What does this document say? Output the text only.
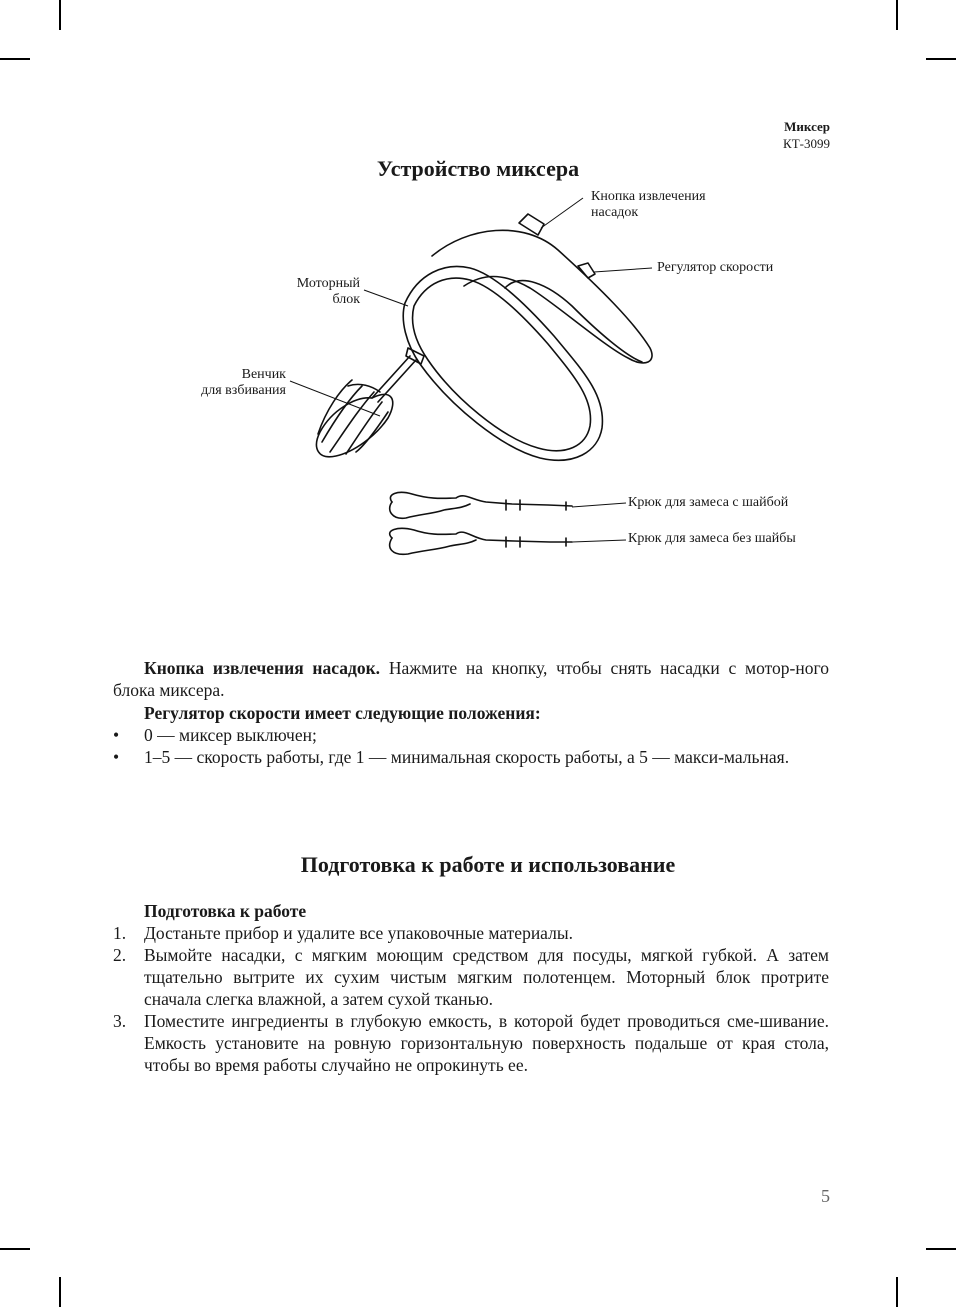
Миксер
КТ-3099
Устройство миксера
Кнопка извлечения
насадок
Регулятор скорости
Моторный
блок
Венчик
для взбивания
Крюк для замеса с шайбой
Крюк для замеса без шайбы
Кнопка извлечения насадок. Нажмите на кнопку, чтобы снять насадки с мотор-ного блока миксера.
Регулятор скорости имеет следующие положения:
• 0 — миксер выключен;
• 1–5 — скорость работы, где 1 — минимальная скорость работы, а 5 — макси-мальная.
Подготовка к работе и использование
Подготовка к работе
1. Достаньте прибор и удалите все упаковочные материалы.
2. Вымойте насадки, с мягким моющим средством для посуды, мягкой губкой. А затем тщательно вытрите их сухим чистым мягким полотенцем. Моторный блок протрите сначала слегка влажной, а затем сухой тканью.
3. Поместите ингредиенты в глубокую емкость, в которой будет проводиться сме-шивание. Емкость установите на ровную горизонтальную поверхность подальше от края стола, чтобы во время работы случайно не опрокинуть ее.
5
